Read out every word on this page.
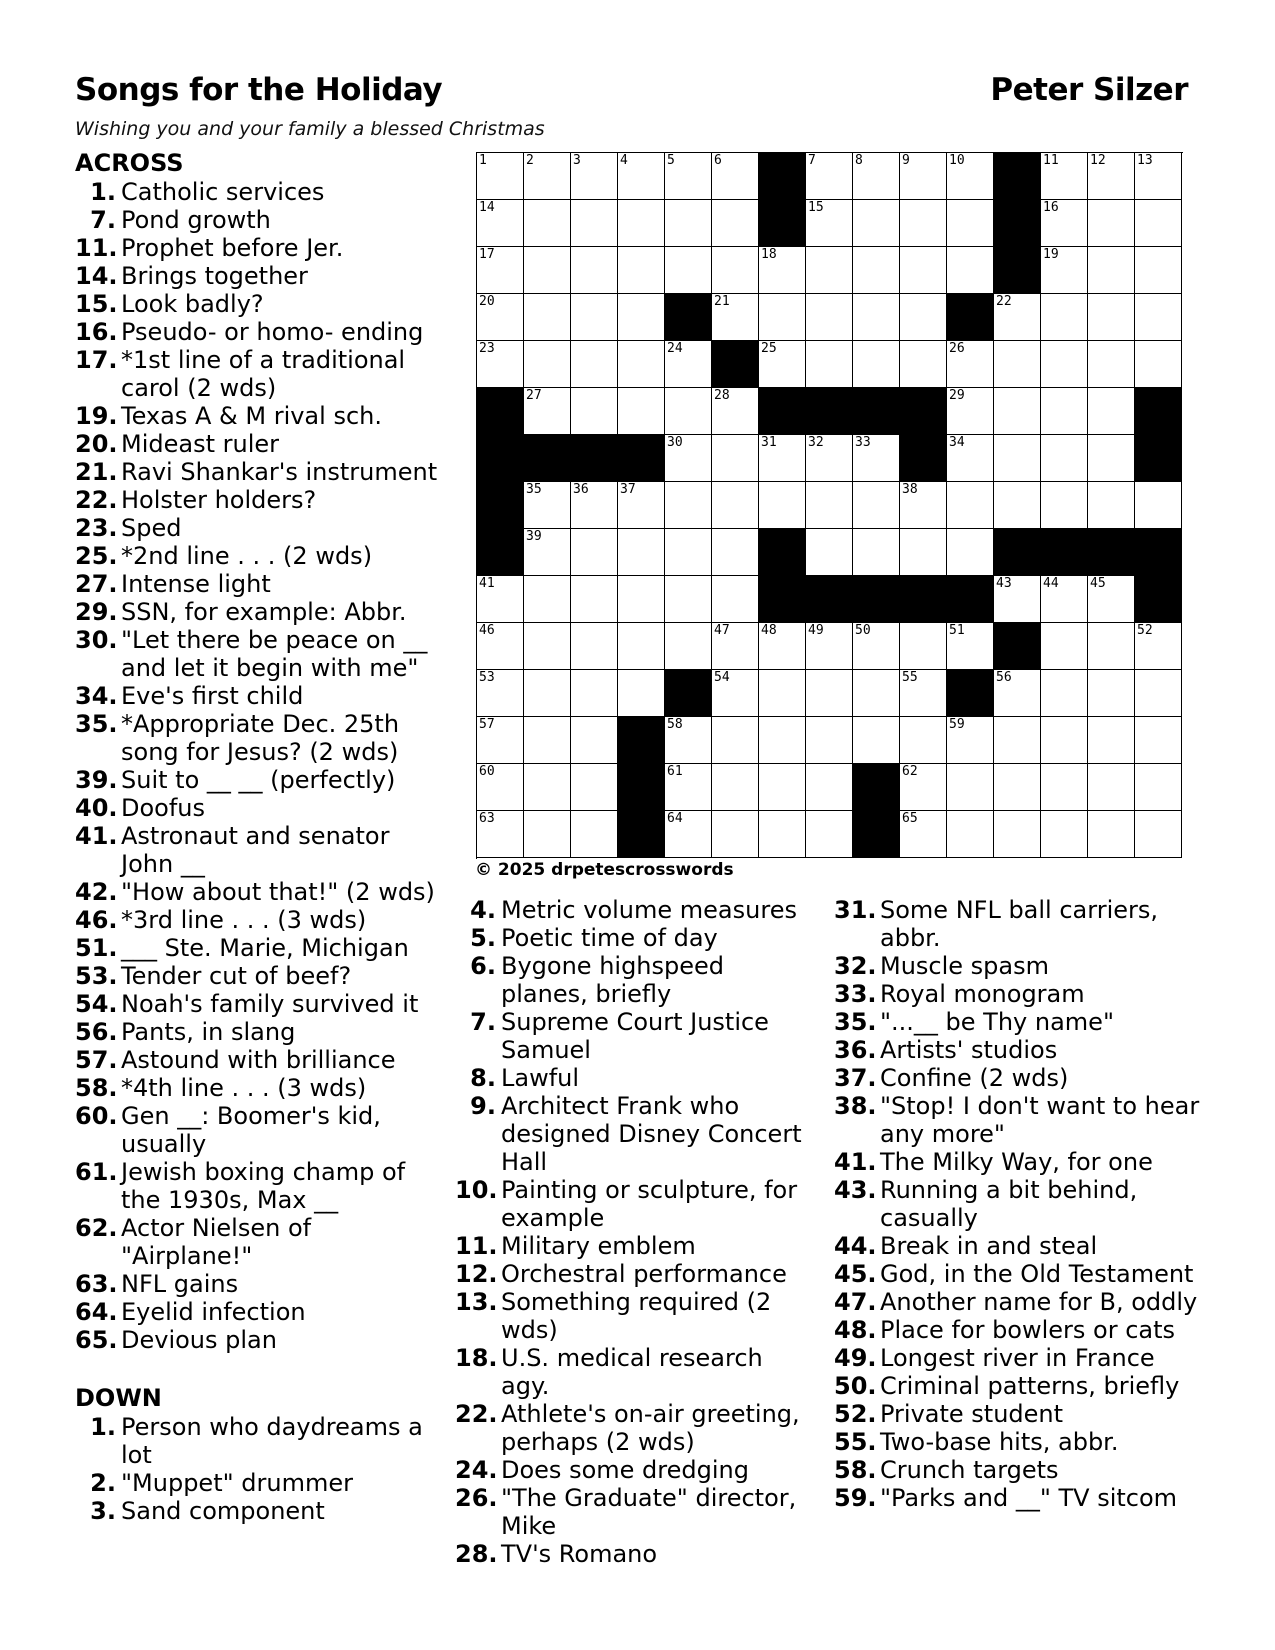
Songs for the Holiday	Peter Silzer
Wishing you and your family a blessed Christmas
ACROSS
1. Catholic services
7. Pond growth
11. Prophet before Jer.
14. Brings together
15. Look badly?
16. Pseudo- or homo- ending
17. *1st line of a traditional carol (2 wds)
19. Texas A & M rival sch.
20. Mideast ruler
21. Ravi Shankar's instrument
22. Holster holders?
23. Sped
25. *2nd line . . . (2 wds)
27. Intense light
29. SSN, for example: Abbr.
30. "Let there be peace on __ and let it begin with me"
34. Eve's first child
35. *Appropriate Dec. 25th song for Jesus? (2 wds)
39. Suit to __ __ (perfectly)
40. Doofus
41. Astronaut and senator John __
42. "How about that!" (2 wds)
46. *3rd line . . . (3 wds)
51. ___ Ste. Marie, Michigan
53. Tender cut of beef?
54. Noah's family survived it
56. Pants, in slang
57. Astound with brilliance
58. *4th line . . . (3 wds)
60. Gen __: Boomer's kid, usually
61. Jewish boxing champ of the 1930s, Max __
62. Actor Nielsen of "Airplane!"
63. NFL gains
64. Eyelid infection
65. Devious plan
DOWN
1. Person who daydreams a lot
2. "Muppet" drummer
3. Sand component
1	2	3	4	5	6	7	8	9	10	11 12 13
14	15	16
17	18	19
20	21	22
23	24	25	26
27	28	29
30	31 32 33	34
35 36 37	38
39
41	43 44 45
46	47 48 49 50	51	52
53	54	55	56
57	58	59
60	61	62
63	64	65
© 2025 drpetescrosswords
4. Metric volume measures
5. Poetic time of day
6. Bygone highspeed planes, briefly
7. Supreme Court Justice Samuel
8. Lawful
9. Architect Frank who designed Disney Concert Hall
10. Painting or sculpture, for example
11. Military emblem
12. Orchestral performance
13. Something required (2 wds)
18. U.S. medical research agy.
22. Athlete's on-air greeting, perhaps (2 wds)
24. Does some dredging
26. "The Graduate" director, Mike
28. TV's Romano
31. Some NFL ball carriers, abbr.
32. Muscle spasm
33. Royal monogram
35. "...__ be Thy name"
36. Artists' studios
37. Confine (2 wds)
38. "Stop! I don't want to hear any more"
41. The Milky Way, for one
43. Running a bit behind, casually
44. Break in and steal
45. God, in the Old Testament
47. Another name for B, oddly
48. Place for bowlers or cats
49. Longest river in France
50. Criminal patterns, briefly
52. Private student
55. Two-base hits, abbr.
58. Crunch targets
59. "Parks and __" TV sitcom
